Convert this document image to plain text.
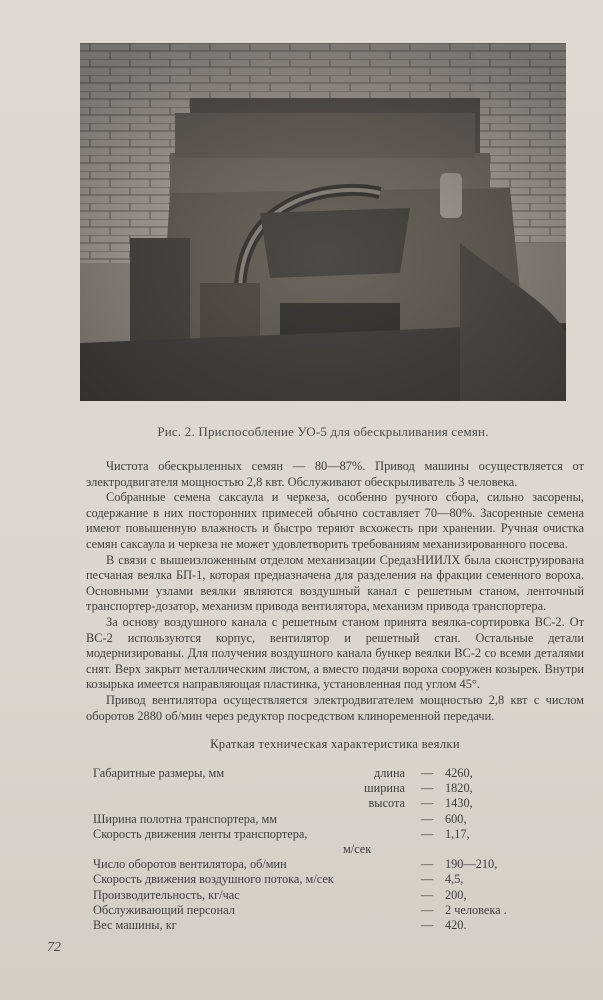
Рис. 2. Приспособление УО-5 для обескрыливания семян.

Чистота обескрыленных семян — 80—87%. Привод машины осуществляется от электродвигателя мощностью 2,8 квт. Обслуживают обескрыливатель 3 человека.

Собранные семена саксаула и черкеза, особенно ручного сбора, сильно засорены, содержание в них посторонних примесей обычно составляет 70—80%. Засоренные семена имеют повышенную влажность и быстро теряют всхожесть при хранении. Ручная очистка семян саксаула и черкеза не может удовлетворить требованиям механизированного посева.

В связи с вышеизложенным отделом механизации СредазНИИЛХ была сконструирована песчаная веялка БП-1, которая предназначена для разделения на фракции семенного вороха. Основными узлами веялки являются воздушный канал с решетным станом, ленточный транспортер-дозатор, механизм привода вентилятора, механизм привода транспортера.

За основу воздушного канала с решетным станом принята веялка-сортировка ВС-2. От ВС-2 используются корпус, вентилятор и решетный стан. Остальные детали модернизированы. Для получения воздушного канала бункер веялки ВС-2 со всеми деталями снят. Верх закрыт металлическим листом, а вместо подачи вороха сооружен козырек. Внутри козырька имеется направляющая пластинка, установленная под углом 45°.

Привод вентилятора осуществляется электродвигателем мощностью 2,8 квт с числом оборотов 2880 об/мин через редуктор посредством клиноременной передачи.

Краткая техническая характеристика веялки
Габаритные размеры, мм	длина — 4260,
ширина — 1820,
высота — 1430,
Ширина полотна транспортера, мм	— 600,
Скорость движения ленты транспортера,	— 1,17,
м/сек
Число оборотов вентилятора, об/мин	— 190—210,
Скорость движения воздушного потока, м/сек	— 4,5,
Производительность, кг/час	— 200,
Обслуживающий персонал	— 2 человека .
Вес машины, кг	— 420.
72
